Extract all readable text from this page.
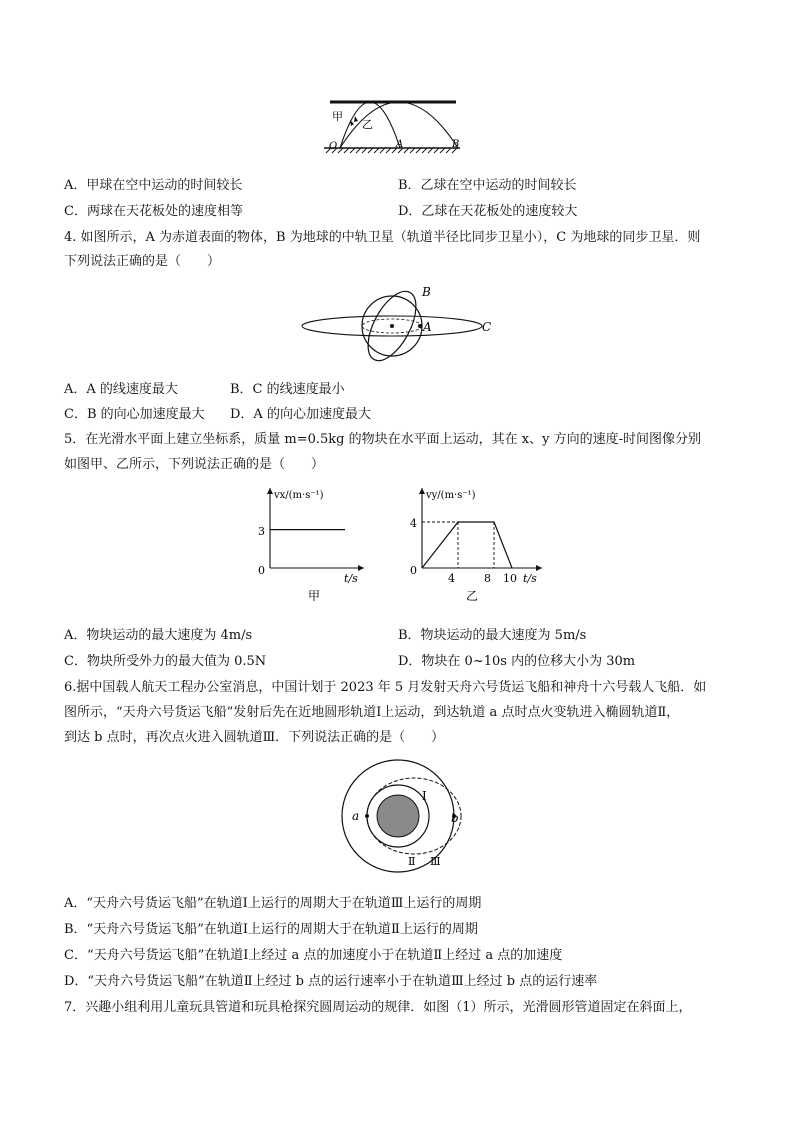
甲
乙
O	A	B
A．甲球在空中运动的时间较长	B．乙球在空中运动的时间较长
C．两球在天花板处的速度相等	D．乙球在天花板处的速度较大
4. 如图所示，A 为赤道表面的物体，B 为地球的中轨卫星（轨道半径比同步卫星小），C 为地球的同步卫星．则
下列说法正确的是（　　）
A
B
C
A．A 的线速度最大	B．C 的线速度最小
C．B 的向心加速度最大 D．A 的向心加速度最大
5．在光滑水平面上建立坐标系，质量 m=0.5kg 的物块在水平面上运动，其在 x、y 方向的速度-时间图像分别
如图甲、乙所示，下列说法正确的是（　　）
vx/(m·s⁻¹)
3
0
t/s
甲
vy/(m·s⁻¹)
4
0
4	8 10 t/s
乙
A．物块运动的最大速度为 4m/s	B．物块运动的最大速度为 5m/s
C．物块所受外力的最大值为 0.5N	D．物块在 0~10s 内的位移大小为 30m
6.据中国载人航天工程办公室消息，中国计划于 2023 年 5 月发射天舟六号货运飞船和神舟十六号载人飞船．如
图所示，“天舟六号货运飞船”发射后先在近地圆形轨道Ⅰ上运动，到达轨道 a 点时点火变轨进入椭圆轨道Ⅱ，
到达 b 点时，再次点火进入圆轨道Ⅲ．下列说法正确的是（　　）
a	b
Ⅰ
Ⅱ Ⅲ
A．“天舟六号货运飞船”在轨道Ⅰ上运行的周期大于在轨道Ⅲ上运行的周期
B．“天舟六号货运飞船”在轨道Ⅰ上运行的周期大于在轨道Ⅱ上运行的周期
C．“天舟六号货运飞船”在轨道Ⅰ上经过 a 点的加速度小于在轨道Ⅱ上经过 a 点的加速度
D．“天舟六号货运飞船”在轨道Ⅱ上经过 b 点的运行速率小于在轨道Ⅲ上经过 b 点的运行速率
7．兴趣小组利用儿童玩具管道和玩具枪探究圆周运动的规律．如图（1）所示，光滑圆形管道固定在斜面上，
